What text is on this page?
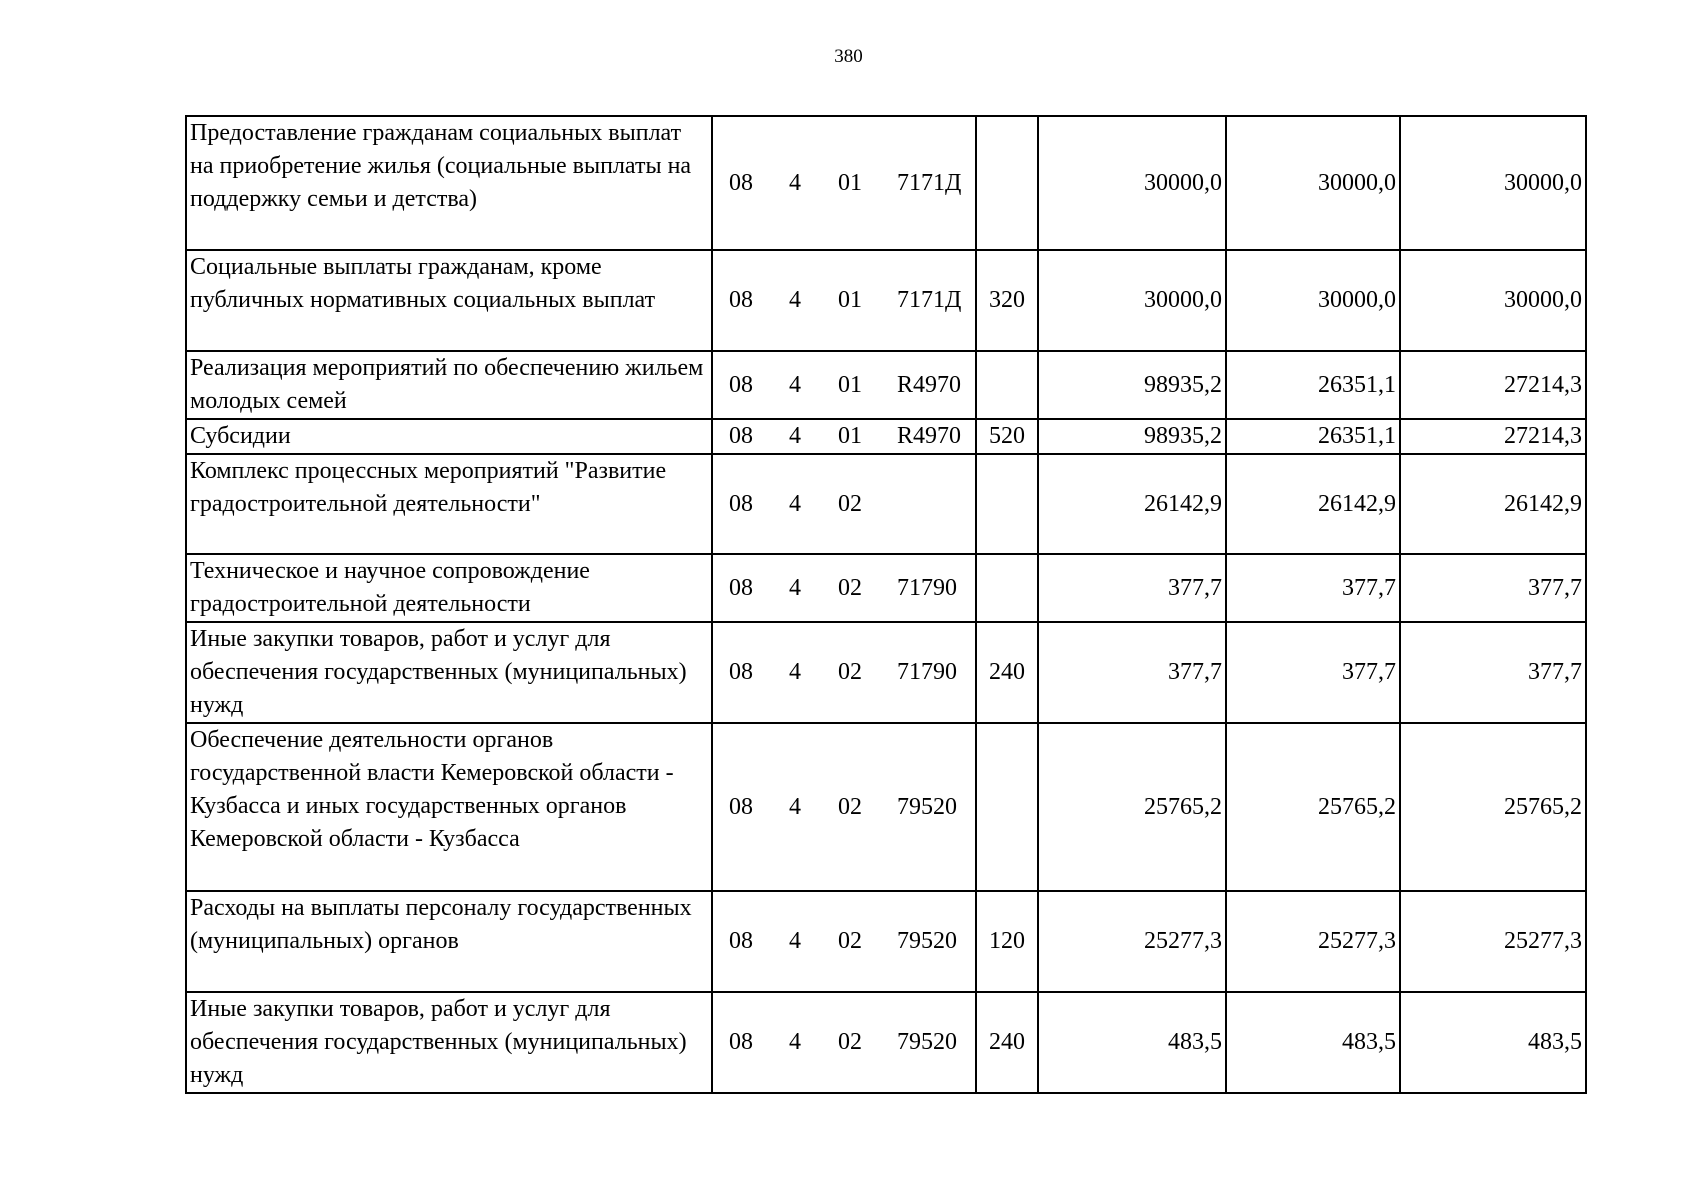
380
Предоставление гражданам социальных выплат на приобретение жилья (социальные выплаты на поддержку семьи и детства)	08 4 01 7171Д		30000,0	30000,0	30000,0
Социальные выплаты гражданам, кроме публичных нормативных социальных выплат	08 4 01 7171Д	320	30000,0	30000,0	30000,0
Реализация мероприятий по обеспечению жильем молодых семей	08 4 01 R4970		98935,2	26351,1	27214,3
Субсидии	08 4 01 R4970	520	98935,2	26351,1	27214,3
Комплекс процессных мероприятий "Развитие градостроительной деятельности"	08 4 02		26142,9	26142,9	26142,9
Техническое и научное сопровождение градостроительной деятельности	08 4 02 71790		377,7	377,7	377,7
Иные закупки товаров, работ и услуг для обеспечения государственных (муниципальных) нужд	08 4 02 71790	240	377,7	377,7	377,7
Обеспечение деятельности органов государственной власти Кемеровской области - Кузбасса и иных государственных органов Кемеровской области - Кузбасса	08 4 02 79520		25765,2	25765,2	25765,2
Расходы на выплаты персоналу государственных (муниципальных) органов	08 4 02 79520	120	25277,3	25277,3	25277,3
Иные закупки товаров, работ и услуг для обеспечения государственных (муниципальных) нужд	08 4 02 79520	240	483,5	483,5	483,5
